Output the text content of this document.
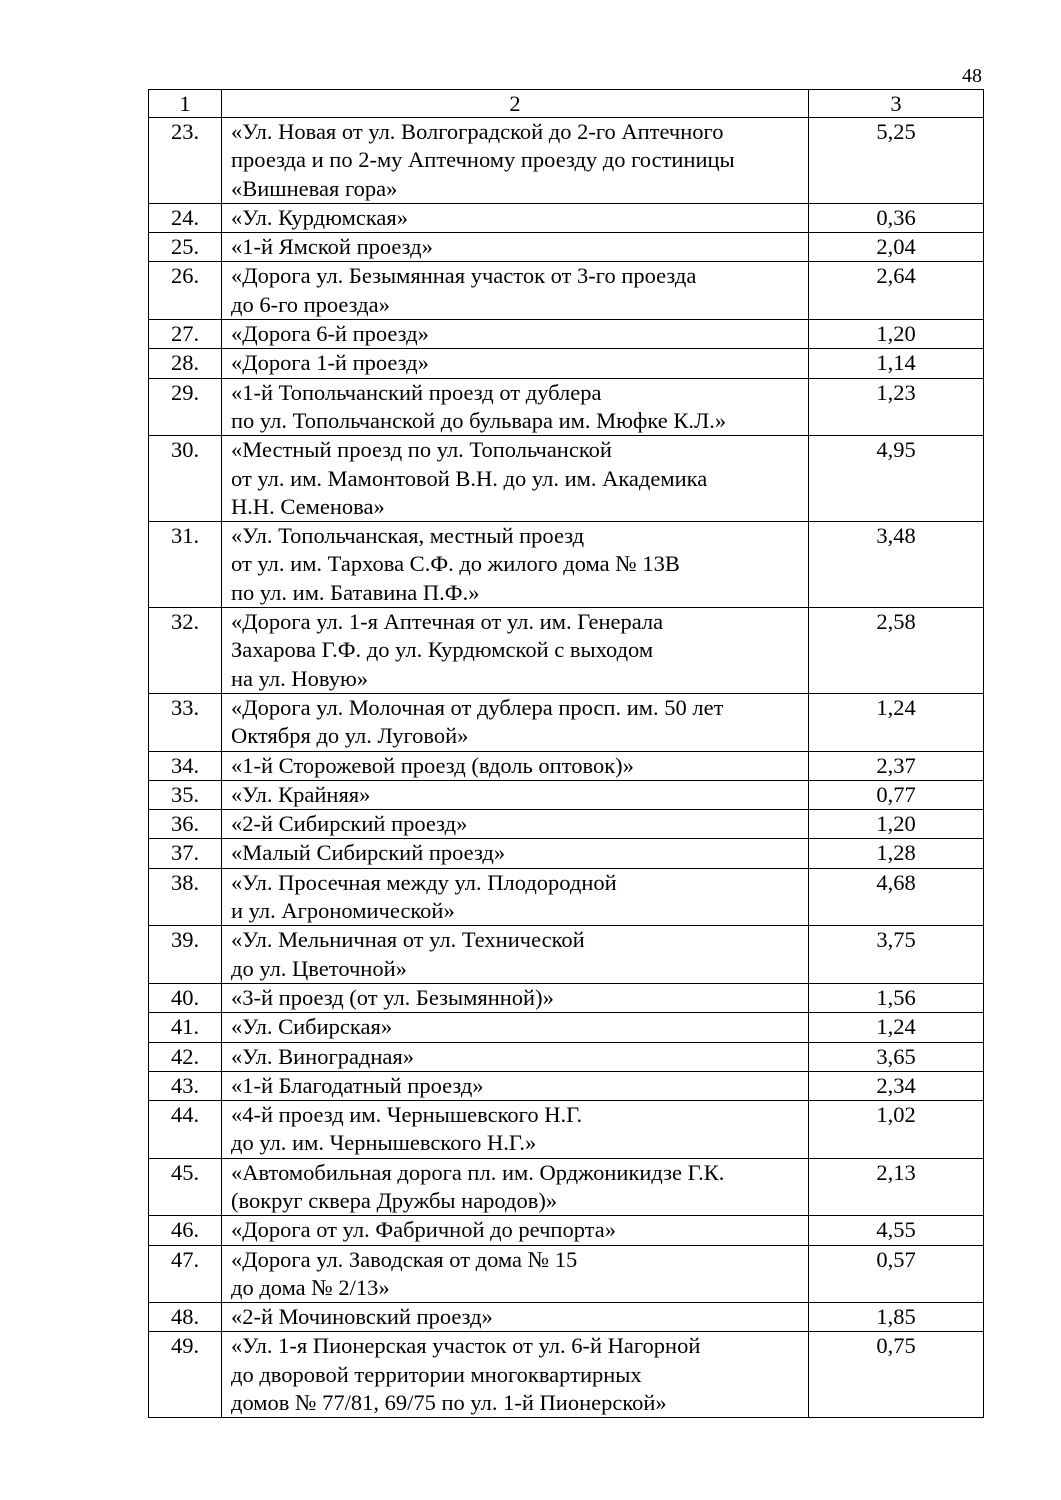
48
1	2	3
23.	«Ул. Новая от ул. Волгоградской до 2-го Аптечного
проезда и по 2-му Аптечному проезду до гостиницы
«Вишневая гора»	5,25
24.	«Ул. Курдюмская»	0,36
25.	«1-й Ямской проезд»	2,04
26.	«Дорога ул. Безымянная участок от 3-го проезда
до 6-го проезда»	2,64
27.	«Дорога 6-й проезд»	1,20
28.	«Дорога 1-й проезд»	1,14
29.	«1-й Топольчанский проезд от дублера
по ул. Топольчанской до бульвара им. Мюфке К.Л.»	1,23
30.	«Местный проезд по ул. Топольчанской
от ул. им. Мамонтовой В.Н. до ул. им. Академика
Н.Н. Семенова»	4,95
31.	«Ул. Топольчанская, местный проезд
от ул. им. Тархова С.Ф. до жилого дома № 13В
по ул. им. Батавина П.Ф.»	3,48
32.	«Дорога ул. 1-я Аптечная от ул. им. Генерала
Захарова Г.Ф. до ул. Курдюмской с выходом
на ул. Новую»	2,58
33.	«Дорога ул. Молочная от дублера просп. им. 50 лет
Октября до ул. Луговой»	1,24
34.	«1-й Сторожевой проезд (вдоль оптовок)»	2,37
35.	«Ул. Крайняя»	0,77
36.	«2-й Сибирский проезд»	1,20
37.	«Малый Сибирский проезд»	1,28
38.	«Ул. Просечная между ул. Плодородной
и ул. Агрономической»	4,68
39.	«Ул. Мельничная от ул. Технической
до ул. Цветочной»	3,75
40.	«3-й проезд (от ул. Безымянной)»	1,56
41.	«Ул. Сибирская»	1,24
42.	«Ул. Виноградная»	3,65
43.	«1-й Благодатный проезд»	2,34
44.	«4-й проезд им. Чернышевского Н.Г.
до ул. им. Чернышевского Н.Г.»	1,02
45.	«Автомобильная дорога пл. им. Орджоникидзе Г.К.
(вокруг сквера Дружбы народов)»	2,13
46.	«Дорога от ул. Фабричной до речпорта»	4,55
47.	«Дорога ул. Заводская от дома № 15
до дома № 2/13»	0,57
48.	«2-й Мочиновский проезд»	1,85
49.	«Ул. 1-я Пионерская участок от ул. 6-й Нагорной
до дворовой территории многоквартирных
домов № 77/81, 69/75 по ул. 1-й Пионерской»	0,75
